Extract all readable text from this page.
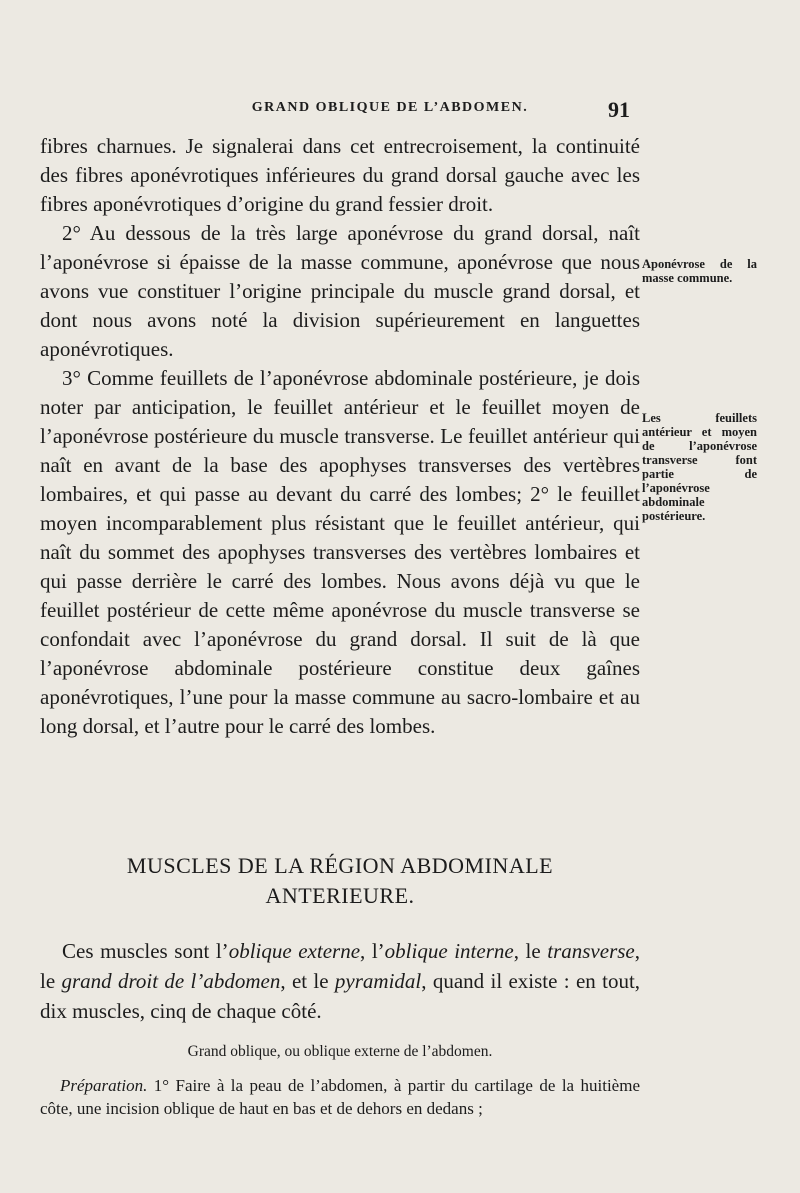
GRAND OBLIQUE DE L’ABDOMEN.	91

fibres charnues. Je signalerai dans cet entrecroisement, la continuité des fibres aponévrotiques inférieures du grand dorsal gauche avec les fibres aponévrotiques d’origine du grand fessier droit.

2° Au dessous de la très large aponévrose du grand dorsal, naît l’aponévrose si épaisse de la masse commune, aponévrose que nous avons vue constituer l’origine principale du muscle grand dorsal, et dont nous avons noté la division supérieurement en languettes aponévrotiques.

3° Comme feuillets de l’aponévrose abdominale postérieure, je dois noter par anticipation, le feuillet antérieur et le feuillet moyen de l’aponévrose postérieure du muscle transverse. Le feuillet antérieur qui naît en avant de la base des apophyses transverses des vertèbres lombaires, et qui passe au devant du carré des lombes; 2° le feuillet moyen incomparablement plus résistant que le feuillet antérieur, qui naît du sommet des apophyses transverses des vertèbres lombaires et qui passe derrière le carré des lombes. Nous avons déjà vu que le feuillet postérieur de cette même aponévrose du muscle transverse se confondait avec l’aponévrose du grand dorsal. Il suit de là que l’aponévrose abdominale postérieure constitue deux gaînes aponévrotiques, l’une pour la masse commune au sacro-lombaire et au long dorsal, et l’autre pour le carré des lombes.

Aponévrose de la masse commune.
Les feuillets antérieur et moyen de l’aponévrose transverse font partie de l’aponévrose abdominale postérieure.
MUSCLES DE LA RÉGION ABDOMINALE
ANTERIEURE.
Ces muscles sont l’oblique externe, l’oblique interne, le transverse, le grand droit de l’abdomen, et le pyramidal, quand il existe : en tout, dix muscles, cinq de chaque côté.
Grand oblique, ou oblique externe de l’abdomen.
Préparation. 1° Faire à la peau de l’abdomen, à partir du cartilage de la huitième côte, une incision oblique de haut en bas et de dehors en dedans ;
